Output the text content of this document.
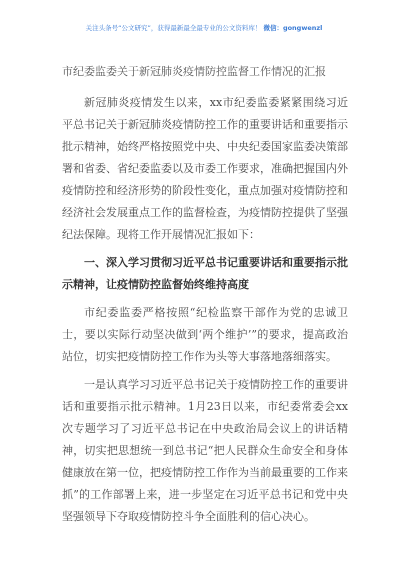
关注头条号“公文研究”，获得最新最全最专业的公文资料库！ 微信：gongwenzl
市纪委监委关于新冠肺炎疫情防控监督工作情况的汇报

新冠肺炎疫情发生以来，xx市纪委监委紧紧围绕习近平总书记关于新冠肺炎疫情防控工作的重要讲话和重要指示批示精神，始终严格按照党中央、中央纪委国家监委决策部署和省委、省纪委监委以及市委工作要求，准确把握国内外疫情防控和经济形势的阶段性变化，重点加强对疫情防控和经济社会发展重点工作的监督检查，为疫情防控提供了坚强纪法保障。现将工作开展情况汇报如下：

一、深入学习贯彻习近平总书记重要讲话和重要指示批示精神，让疫情防控监督始终维持高度

市纪委监委严格按照“纪检监察干部作为党的忠诚卫士，要以实际行动坚决做到‘两个维护’”的要求，提高政治站位，切实把疫情防控工作作为头等大事落地落细落实。

一是认真学习习近平总书记关于疫情防控工作的重要讲话和重要指示批示精神。1月23日以来，市纪委常委会xx次专题学习了习近平总书记在中央政治局会议上的讲话精神，切实把思想统一到总书记“把人民群众生命安全和身体健康放在第一位，把疫情防控工作作为当前最重要的工作来抓”的工作部署上来，进一步坚定在习近平总书记和党中央坚强领导下夺取疫情防控斗争全面胜利的信心决心。
